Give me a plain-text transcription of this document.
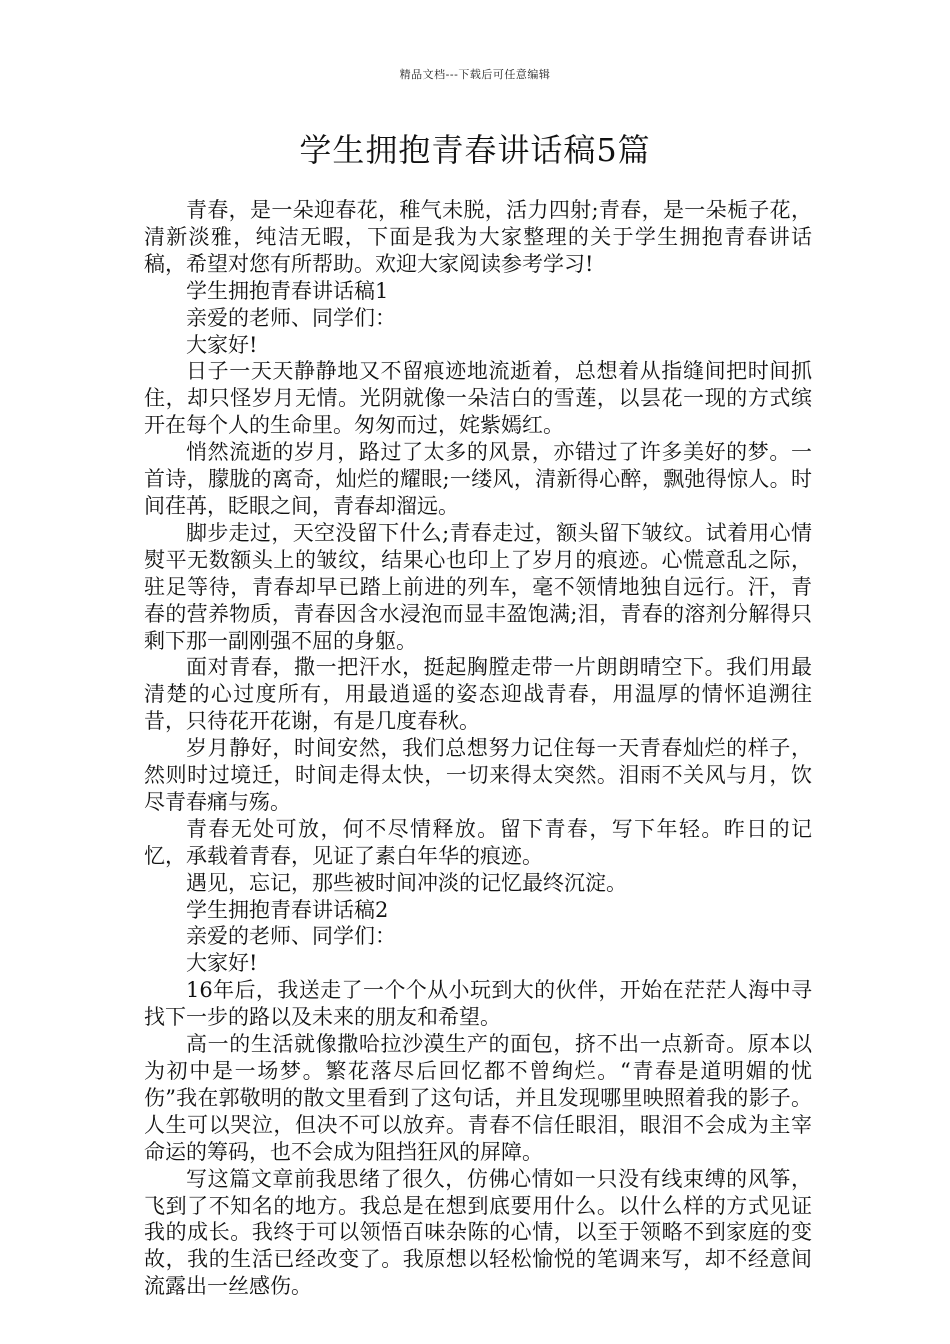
精品文档---下载后可任意编辑
学生拥抱青春讲话稿5篇

青春，是一朵迎春花，稚气未脱，活力四射;青春，是一朵栀子花，清新淡雅，纯洁无暇，下面是我为大家整理的关于学生拥抱青春讲话稿，希望对您有所帮助。欢迎大家阅读参考学习!

学生拥抱青春讲话稿1

亲爱的老师、同学们：

大家好!

日子一天天静静地又不留痕迹地流逝着，总想着从指缝间把时间抓住，却只怪岁月无情。光阴就像一朵洁白的雪莲，以昙花一现的方式缤开在每个人的生命里。匆匆而过，姹紫嫣红。

悄然流逝的岁月，路过了太多的风景，亦错过了许多美好的梦。一首诗，朦胧的离奇，灿烂的耀眼;一缕风，清新得心醉，飘弛得惊人。时间荏苒，眨眼之间，青春却溜远。

脚步走过，天空没留下什么;青春走过，额头留下皱纹。试着用心情熨平无数额头上的皱纹，结果心也印上了岁月的痕迹。心慌意乱之际，驻足等待，青春却早已踏上前进的列车，毫不领情地独自远行。汗，青春的营养物质，青春因含水浸泡而显丰盈饱满;泪，青春的溶剂分解得只剩下那一副刚强不屈的身躯。

面对青春，撒一把汗水，挺起胸膛走带一片朗朗晴空下。我们用最清楚的心过度所有，用最逍遥的姿态迎战青春，用温厚的情怀追溯往昔，只待花开花谢，有是几度春秋。

岁月静好，时间安然，我们总想努力记住每一天青春灿烂的样子，然则时过境迁，时间走得太快，一切来得太突然。泪雨不关风与月，饮尽青春痛与殇。

青春无处可放，何不尽情释放。留下青春，写下年轻。昨日的记忆，承载着青春，见证了素白年华的痕迹。

遇见，忘记，那些被时间冲淡的记忆最终沉淀。

学生拥抱青春讲话稿2

亲爱的老师、同学们：

大家好!

16年后，我送走了一个个从小玩到大的伙伴，开始在茫茫人海中寻找下一步的路以及未来的朋友和希望。

高一的生活就像撒哈拉沙漠生产的面包，挤不出一点新奇。原本以为初中是一场梦。繁花落尽后回忆都不曾绚烂。“青春是道明媚的忧伤”我在郭敬明的散文里看到了这句话，并且发现哪里映照着我的影子。人生可以哭泣，但决不可以放弃。青春不信任眼泪，眼泪不会成为主宰命运的筹码，也不会成为阻挡狂风的屏障。

写这篇文章前我思绪了很久，仿佛心情如一只没有线束缚的风筝，飞到了不知名的地方。我总是在想到底要用什么。以什么样的方式见证我的成长。我终于可以领悟百味杂陈的心情，以至于领略不到家庭的变故，我的生活已经改变了。我原想以轻松愉悦的笔调来写，却不经意间流露出一丝感伤。
